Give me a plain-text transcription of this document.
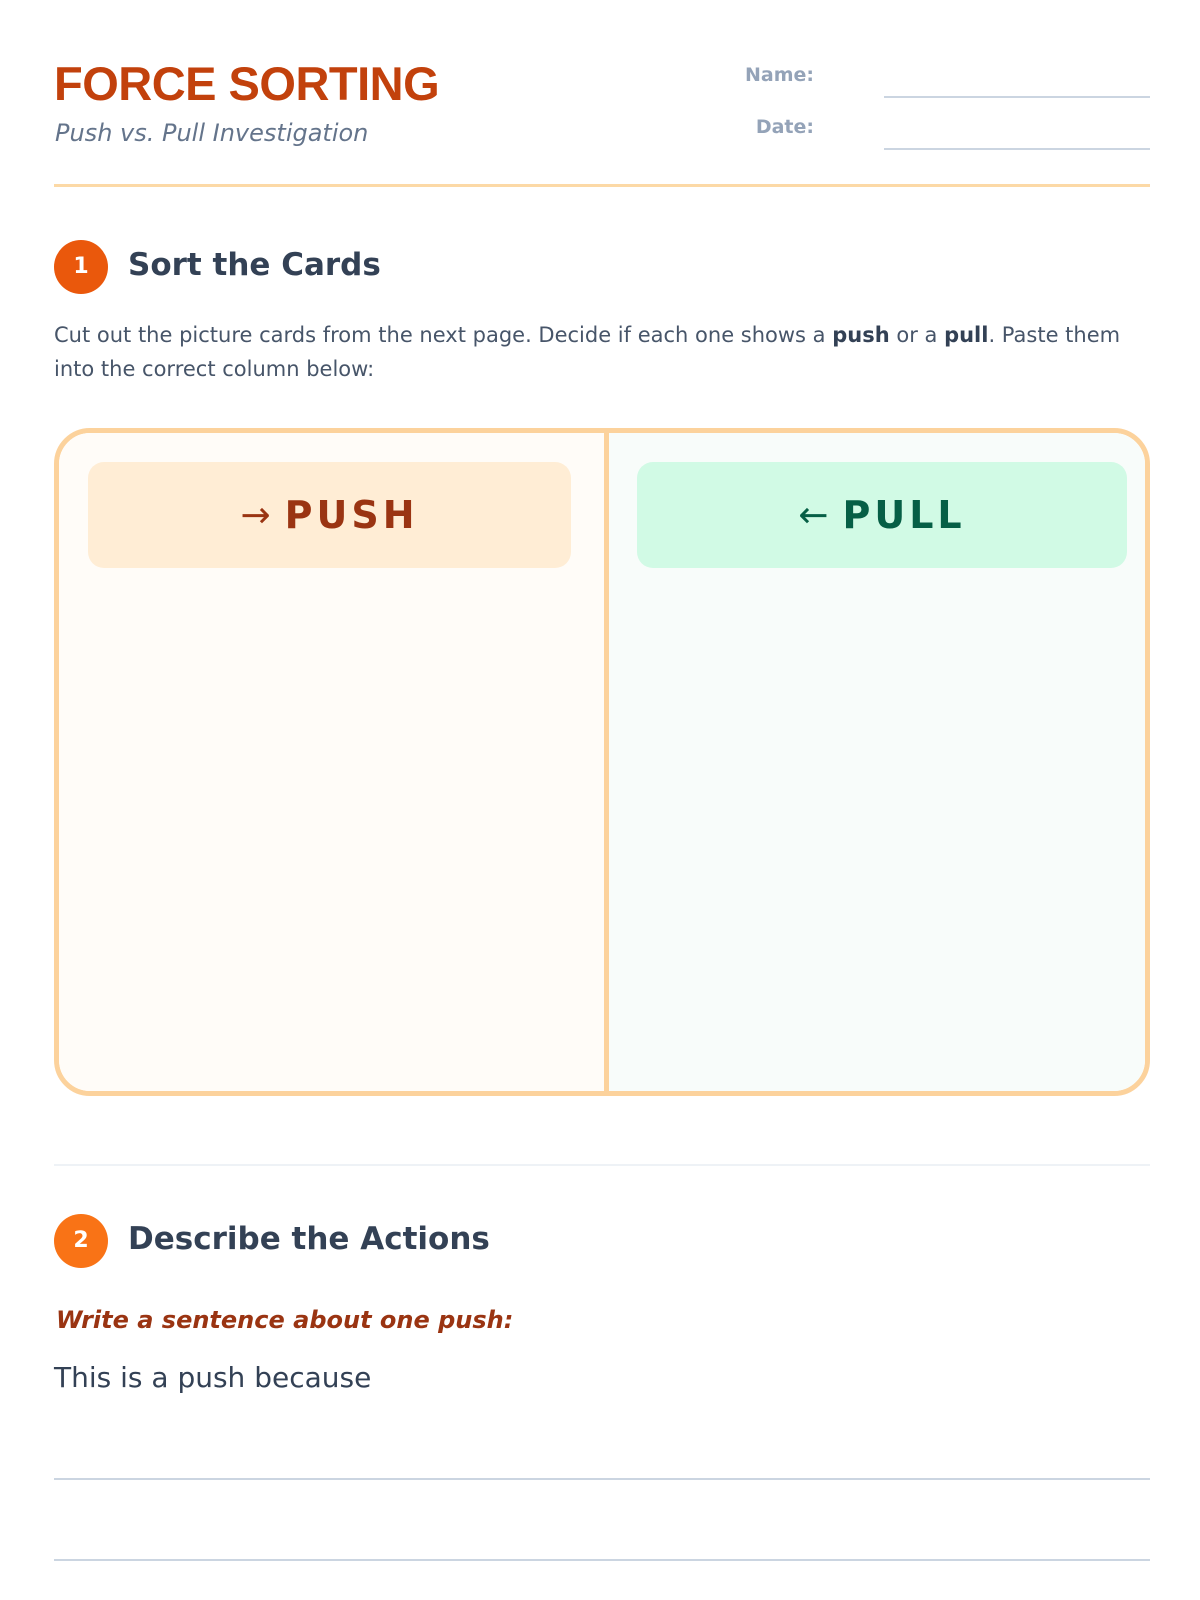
FORCE SORTING

Push vs. Pull Investigation

Name:
Date:
1	Sort the Cards

Cut out the picture cards from the next page. Decide if each one shows a push or a pull. Paste them into the correct column below:

→ PUSH	← PULL
2	Describe the Actions

Write a sentence about one push:

This is a push because
